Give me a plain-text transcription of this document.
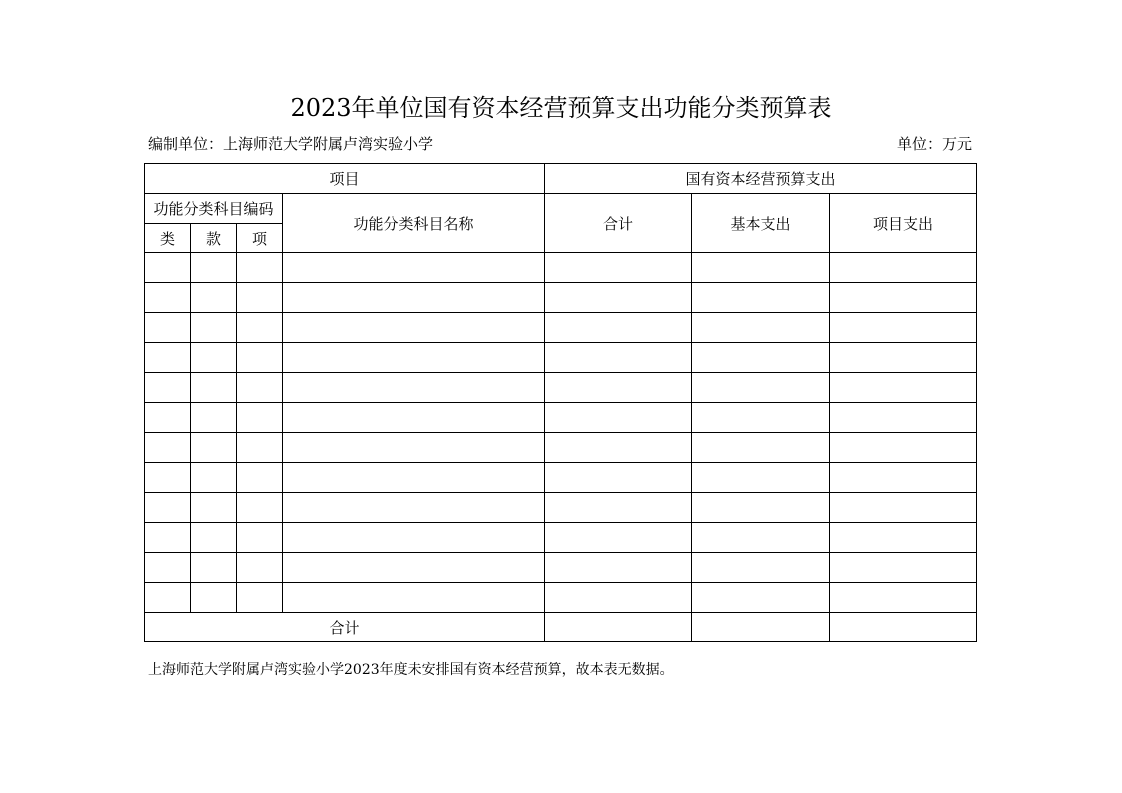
2023年单位国有资本经营预算支出功能分类预算表
编制单位：上海师范大学附属卢湾实验小学	单位：万元
项目				国有资本经营预算支出		
功能分类科目编码			功能分类科目名称	合计	基本支出	项目支出
类	款	项				

合计						
上海师范大学附属卢湾实验小学2023年度未安排国有资本经营预算，故本表无数据。
